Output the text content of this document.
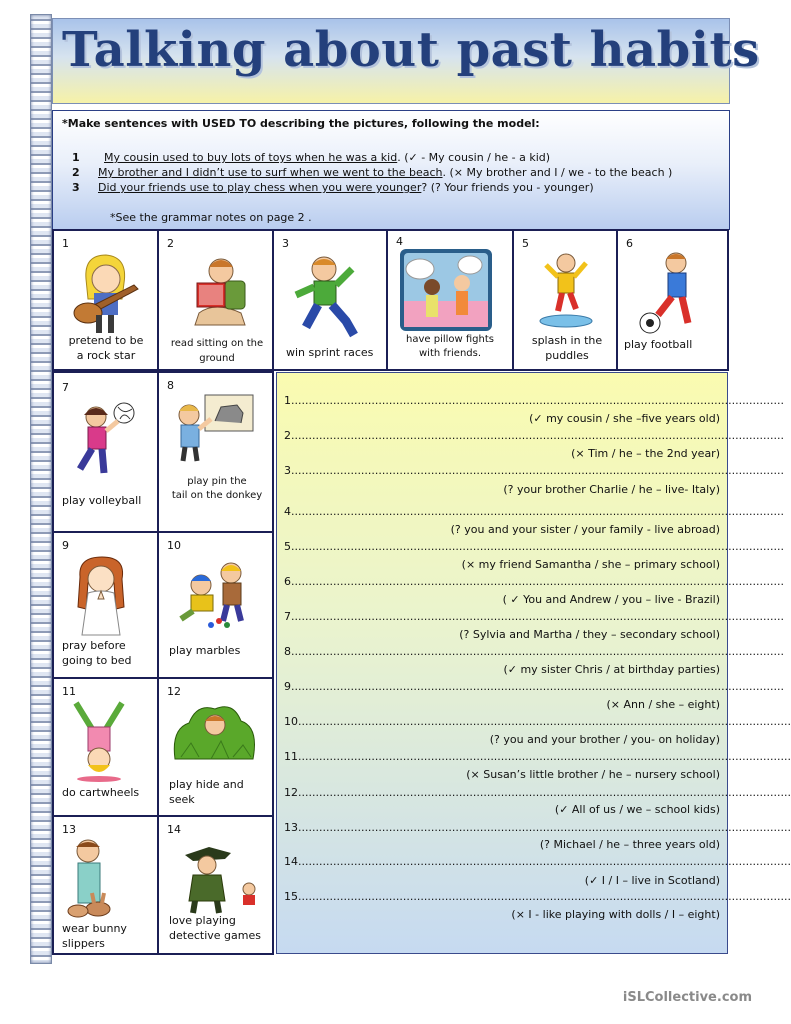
Talking about past habits
*Make sentences with USED TO describing the pictures, following the model:
1 My cousin used to buy lots of toys when he was a kid. (✓ - My cousin / he - a kid)
2 My brother and I didn’t use to surf when we went to the beach. (× My brother and I / we - to the beach )
3 Did your friends use to play chess when you were younger? (? Your friends you - younger)
*See the grammar notes on page 2 .
1
pretend to be
a rock star
2
read sitting on the
ground
3
win sprint races
4
have pillow fights
with friends.
5
splash in the
puddles
6
play football
7
play volleyball
8
play pin the
tail on the donkey
9
pray before
going to bed
10
play marbles
11
do cartwheels
12
play hide and
seek
13
wear bunny
slippers
14
love playing
detective games
1.............................................................................................................................................
(✓ my cousin / she –five years old)
2.............................................................................................................................................
(× Tim / he – the 2nd year)
3.............................................................................................................................................
(? your brother Charlie / he – live- Italy)
4.............................................................................................................................................
(? you and your sister / your family - live abroad)
5.............................................................................................................................................
(× my friend Samantha / she – primary school)
6.............................................................................................................................................
( ✓ You and Andrew / you – live - Brazil)
7.............................................................................................................................................
(? Sylvia and Martha / they – secondary school)
8.............................................................................................................................................
(✓ my sister Chris / at birthday parties)
9.............................................................................................................................................
(× Ann / she – eight)
10.............................................................................................................................................
(? you and your brother / you- on holiday)
11.............................................................................................................................................
(× Susan’s little brother / he – nursery school)
12.............................................................................................................................................
(✓ All of us / we – school kids)
13.............................................................................................................................................
(? Michael / he – three years old)
14.............................................................................................................................................
(✓ I / I – live in Scotland)
15.............................................................................................................................................
(× I - like playing with dolls / I – eight)
iSLCollective.com
